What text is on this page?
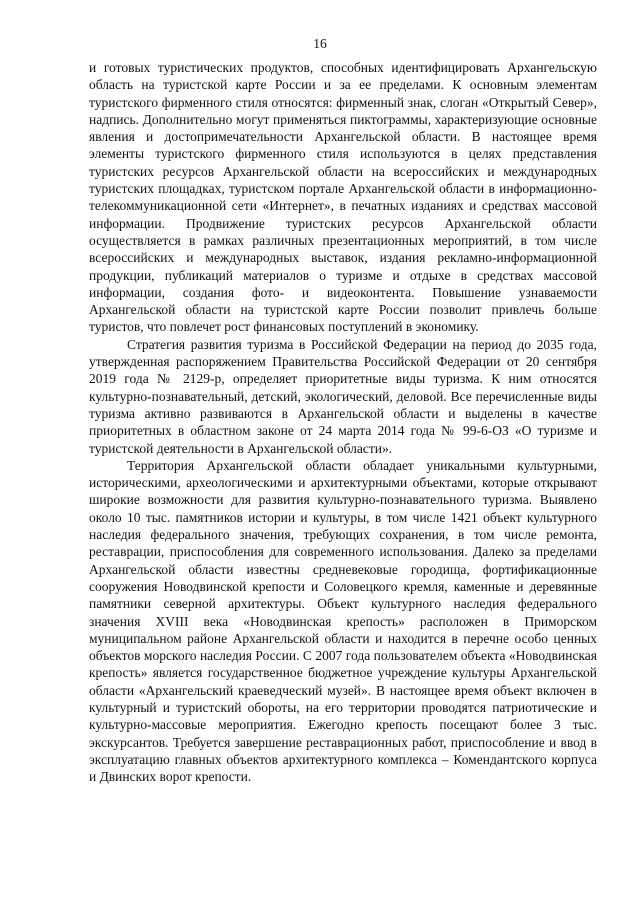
16

и готовых туристических продуктов, способных идентифицировать Архангельскую область на туристской карте России и за ее пределами. К основным элементам туристского фирменного стиля относятся: фирменный знак, слоган «Открытый Север», надпись. Дополнительно могут применяться пиктограммы, характеризующие основные явления и достопримечательности Архангельской области. В настоящее время элементы туристского фирменного стиля используются в целях представления туристских ресурсов Архангельской области на всероссийских и международных туристских площадках, туристском портале Архангельской области в информационно-телекоммуникационной сети «Интернет», в печатных изданиях и средствах массовой информации. Продвижение туристских ресурсов Архангельской области осуществляется в рамках различных презентационных мероприятий, в том числе всероссийских и международных выставок, издания рекламно-информационной продукции, публикаций материалов о туризме и отдыхе в средствах массовой информации, создания фото- и видеоконтента. Повышение узнаваемости Архангельской области на туристской карте России позволит привлечь больше туристов, что повлечет рост финансовых поступлений в экономику.

Стратегия развития туризма в Российской Федерации на период до 2035 года, утвержденная распоряжением Правительства Российской Федерации от 20 сентября 2019 года № 2129-р, определяет приоритетные виды туризма. К ним относятся культурно-познавательный, детский, экологический, деловой. Все перечисленные виды туризма активно развиваются в Архангельской области и выделены в качестве приоритетных в областном законе от 24 марта 2014 года № 99-6-ОЗ «О туризме и туристской деятельности в Архангельской области».

Территория Архангельской области обладает уникальными культурными, историческими, археологическими и архитектурными объектами, которые открывают широкие возможности для развития культурно-познавательного туризма. Выявлено около 10 тыс. памятников истории и культуры, в том числе 1421 объект культурного наследия федерального значения, требующих сохранения, в том числе ремонта, реставрации, приспособления для современного использования. Далеко за пределами Архангельской области известны средневековые городища, фортификационные сооружения Новодвинской крепости и Соловецкого кремля, каменные и деревянные памятники северной архитектуры. Объект культурного наследия федерального значения XVIII века «Новодвинская крепость» расположен в Приморском муниципальном районе Архангельской области и находится в перечне особо ценных объектов морского наследия России. С 2007 года пользователем объекта «Новодвинская крепость» является государственное бюджетное учреждение культуры Архангельской области «Архангельский краеведческий музей». В настоящее время объект включен в культурный и туристский обороты, на его территории проводятся патриотические и культурно-массовые мероприятия. Ежегодно крепость посещают более 3 тыс. экскурсантов. Требуется завершение реставрационных работ, приспособление и ввод в эксплуатацию главных объектов архитектурного комплекса – Комендантского корпуса и Двинских ворот крепости.
